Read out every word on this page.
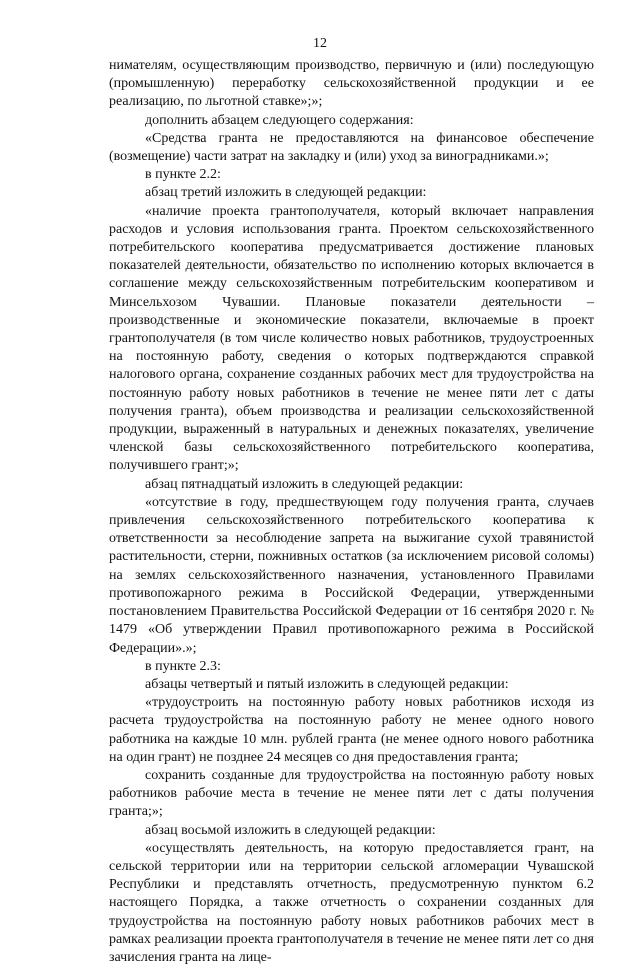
12

нимателям, осуществляющим производство, первичную и (или) последующую (промышленную) переработку сельскохозяйственной продукции и ее реализацию, по льготной ставке»;»;

дополнить абзацем следующего содержания:

«Средства гранта не предоставляются на финансовое обеспечение (возмещение) части затрат на закладку и (или) уход за виноградниками.»;

в пункте 2.2:

абзац третий изложить в следующей редакции:

«наличие проекта грантополучателя, который включает направления расходов и условия использования гранта. Проектом сельскохозяйственного потребительского кооператива предусматривается достижение плановых показателей деятельности, обязательство по исполнению которых включается в соглашение между сельскохозяйственным потребительским кооперативом и Минсельхозом Чувашии. Плановые показатели деятельности – производственные и экономические показатели, включаемые в проект грантополучателя (в том числе количество новых работников, трудоустроенных на постоянную работу, сведения о которых подтверждаются справкой налогового органа, сохранение созданных рабочих мест для трудоустройства на постоянную работу новых работников в течение не менее пяти лет с даты получения гранта), объем производства и реализации сельскохозяйственной продукции, выраженный в натуральных и денежных показателях, увеличение членской базы сельскохозяйственного потребительского кооператива, получившего грант;»;

абзац пятнадцатый изложить в следующей редакции:

«отсутствие в году, предшествующем году получения гранта, случаев привлечения сельскохозяйственного потребительского кооператива к ответственности за несоблюдение запрета на выжигание сухой травянистой растительности, стерни, пожнивных остатков (за исключением рисовой соломы) на землях сельскохозяйственного назначения, установленного Правилами противопожарного режима в Российской Федерации, утвержденными постановлением Правительства Российской Федерации от 16 сентября 2020 г. № 1479 «Об утверждении Правил противопожарного режима в Российской Федерации».»;

в пункте 2.3:

абзацы четвертый и пятый изложить в следующей редакции:

«трудоустроить на постоянную работу новых работников исходя из расчета трудоустройства на постоянную работу не менее одного нового работника на каждые 10 млн. рублей гранта (не менее одного нового работника на один грант) не позднее 24 месяцев со дня предоставления гранта;

сохранить созданные для трудоустройства на постоянную работу новых работников рабочие места в течение не менее пяти лет с даты получения гранта;»;

абзац восьмой изложить в следующей редакции:

«осуществлять деятельность, на которую предоставляется грант, на сельской территории или на территории сельской агломерации Чувашской Республики и представлять отчетность, предусмотренную пунктом 6.2 настоящего Порядка, а также отчетность о сохранении созданных для трудоустройства на постоянную работу новых работников рабочих мест в рамках реализации проекта грантополучателя в течение не менее пяти лет со дня зачисления гранта на лице-
